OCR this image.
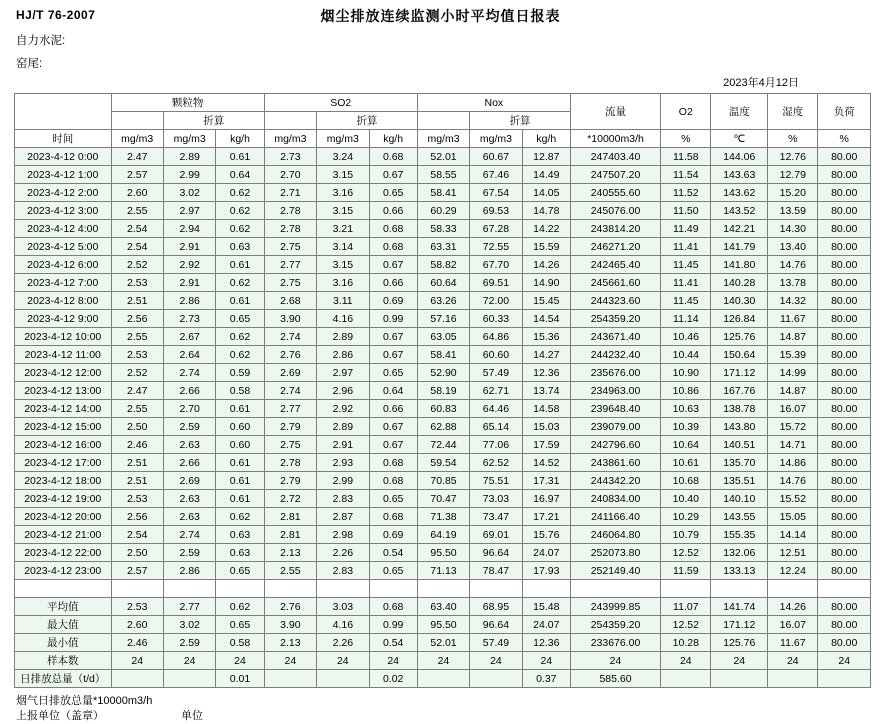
HJ/T 76-2007	烟尘排放连续监测小时平均值日报表
自力水泥:
窑尾:
2023年4月12日
	颗粒物			SO2			Nox			流量	O2	温度	湿度	负荷
		折算			折算			折算						
时间	mg/m3	mg/m3	kg/h	mg/m3	mg/m3	kg/h	mg/m3	mg/m3	kg/h	*10000m3/h	%	℃	%	%
2023-4-12 0:00	2.47	2.89	0.61	2.73	3.24	0.68	52.01	60.67	12.87	247403.40	11.58	144.06	12.76	80.00
2023-4-12 1:00	2.57	2.99	0.64	2.70	3.15	0.67	58.55	67.46	14.49	247507.20	11.54	143.63	12.79	80.00
2023-4-12 2:00	2.60	3.02	0.62	2.71	3.16	0.65	58.41	67.54	14.05	240555.60	11.52	143.62	15.20	80.00
2023-4-12 3:00	2.55	2.97	0.62	2.78	3.15	0.66	60.29	69.53	14.78	245076.00	11.50	143.52	13.59	80.00
2023-4-12 4:00	2.54	2.94	0.62	2.78	3.21	0.68	58.33	67.28	14.22	243814.20	11.49	142.21	14.30	80.00
2023-4-12 5:00	2.54	2.91	0.63	2.75	3.14	0.68	63.31	72.55	15.59	246271.20	11.41	141.79	13.40	80.00
2023-4-12 6:00	2.52	2.92	0.61	2.77	3.15	0.67	58.82	67.70	14.26	242465.40	11.45	141.80	14.76	80.00
2023-4-12 7:00	2.53	2.91	0.62	2.75	3.16	0.66	60.64	69.51	14.90	245661.60	11.41	140.28	13.78	80.00
2023-4-12 8:00	2.51	2.86	0.61	2.68	3.11	0.69	63.26	72.00	15.45	244323.60	11.45	140.30	14.32	80.00
2023-4-12 9:00	2.56	2.73	0.65	3.90	4.16	0.99	57.16	60.33	14.54	254359.20	11.14	126.84	11.67	80.00
2023-4-12 10:00	2.55	2.67	0.62	2.74	2.89	0.67	63.05	64.86	15.36	243671.40	10.46	125.76	14.87	80.00
2023-4-12 11:00	2.53	2.64	0.62	2.76	2.86	0.67	58.41	60.60	14.27	244232.40	10.44	150.64	15.39	80.00
2023-4-12 12:00	2.52	2.74	0.59	2.69	2.97	0.65	52.90	57.49	12.36	235676.00	10.90	171.12	14.99	80.00
2023-4-12 13:00	2.47	2.66	0.58	2.74	2.96	0.64	58.19	62.71	13.74	234963.00	10.86	167.76	14.87	80.00
2023-4-12 14:00	2.55	2.70	0.61	2.77	2.92	0.66	60.83	64.46	14.58	239648.40	10.63	138.78	16.07	80.00
2023-4-12 15:00	2.50	2.59	0.60	2.79	2.89	0.67	62.88	65.14	15.03	239079.00	10.39	143.80	15.72	80.00
2023-4-12 16:00	2.46	2.63	0.60	2.75	2.91	0.67	72.44	77.06	17.59	242796.60	10.64	140.51	14.71	80.00
2023-4-12 17:00	2.51	2.66	0.61	2.78	2.93	0.68	59.54	62.52	14.52	243861.60	10.61	135.70	14.86	80.00
2023-4-12 18:00	2.51	2.69	0.61	2.79	2.99	0.68	70.85	75.51	17.31	244342.20	10.68	135.51	14.76	80.00
2023-4-12 19:00	2.53	2.63	0.61	2.72	2.83	0.65	70.47	73.03	16.97	240834.00	10.40	140.10	15.52	80.00
2023-4-12 20:00	2.56	2.63	0.62	2.81	2.87	0.68	71.38	73.47	17.21	241166.40	10.29	143.55	15.05	80.00
2023-4-12 21:00	2.54	2.74	0.63	2.81	2.98	0.69	64.19	69.01	15.76	246064.80	10.79	155.35	14.14	80.00
2023-4-12 22:00	2.50	2.59	0.63	2.13	2.26	0.54	95.50	96.64	24.07	252073.80	12.52	132.06	12.51	80.00
2023-4-12 23:00	2.57	2.86	0.65	2.55	2.83	0.65	71.13	78.47	17.93	252149.40	11.59	133.13	12.24	80.00

平均值	2.53	2.77	0.62	2.76	3.03	0.68	63.40	68.95	15.48	243999.85	11.07	141.74	14.26	80.00
最大值	2.60	3.02	0.65	3.90	4.16	0.99	95.50	96.64	24.07	254359.20	12.52	171.12	16.07	80.00
最小值	2.46	2.59	0.58	2.13	2.26	0.54	52.01	57.49	12.36	233676.00	10.28	125.76	11.67	80.00
样本数	24	24	24	24	24	24	24	24	24	24	24	24	24	24
日排放总量（t/d）			0.01			0.02			0.37	585.60				
烟气日排放总量*10000m3/h
上报单位（盖章）	单位
